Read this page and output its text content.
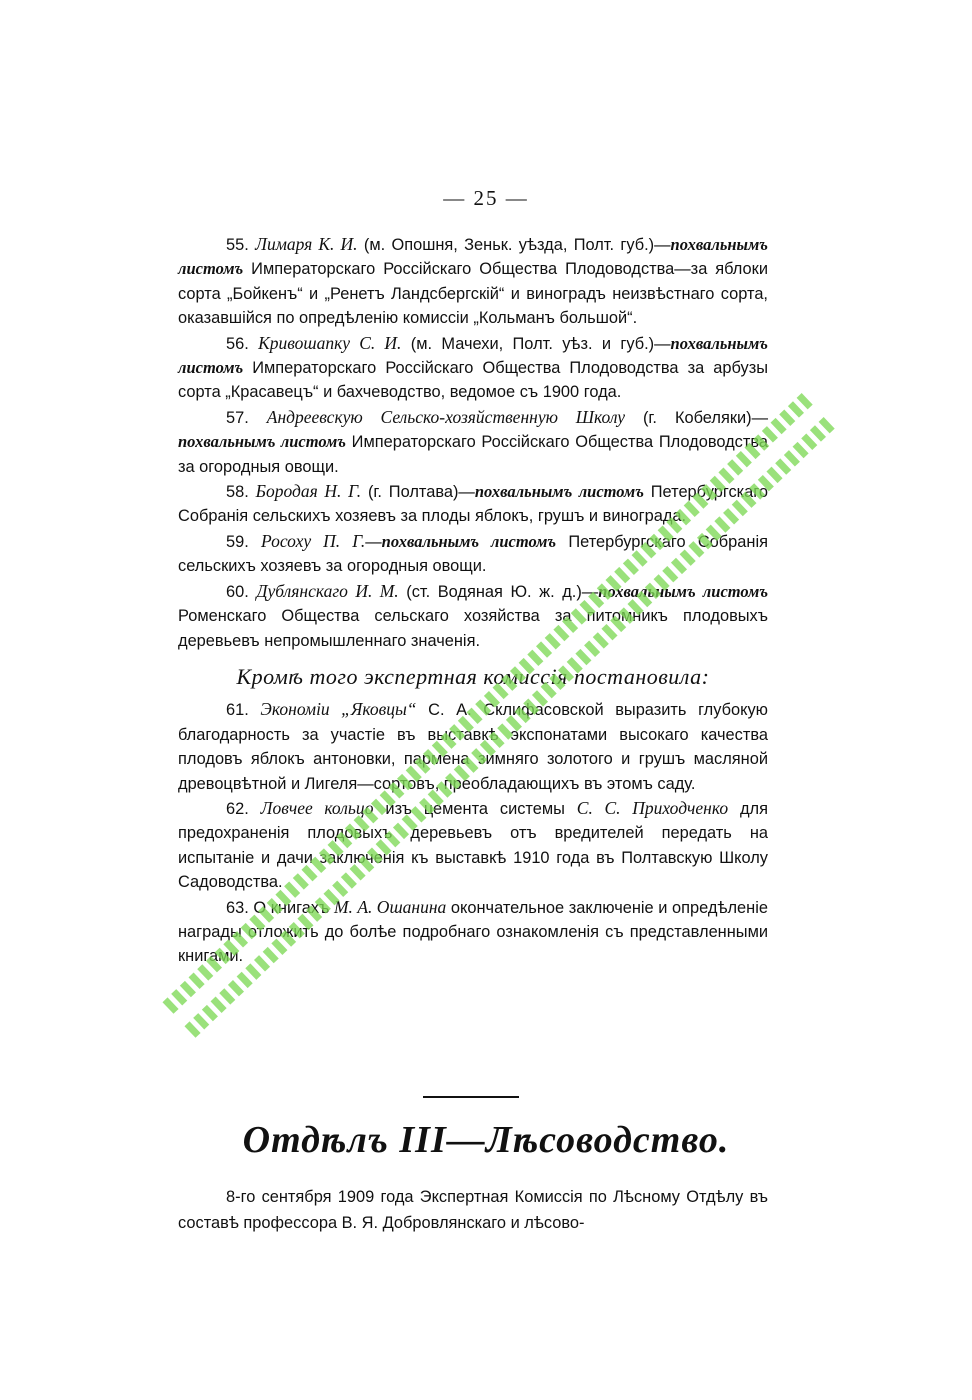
— 25 —

55. Лимаря К. И. (м. Опошня, Зеньк. уѣзда, Полт. губ.)—похвальнымъ листомъ Императорскаго Россійскаго Общества Плодоводства—за яблоки сорта „Бойкенъ“ и „Ренетъ Ландсбергскій“ и виноградъ неизвѣстнаго сорта, оказавшійся по опредѣленію комиссіи „Кольманъ большой“.

56. Кривошапку С. И. (м. Мачехи, Полт. уѣз. и губ.)—похвальнымъ листомъ Императорскаго Россійскаго Общества Плодоводства за арбузы сорта „Красавецъ“ и бахчеводство, ведомое съ 1900 года.

57. Андреевскую Сельско-хозяйственную Школу (г. Кобеляки)—похвальнымъ листомъ Императорскаго Россійскаго Общества Плодоводства за огородныя овощи.

58. Бородая Н. Г. (г. Полтава)—похвальнымъ листомъ Петербургскаго Собранія сельскихъ хозяевъ за плоды яблокъ, грушъ и винограда.

59. Росоху П. Г.—похвальнымъ листомъ Петербургскаго Собранія сельскихъ хозяевъ за огородныя овощи.

60. Дублянскаго И. М. (ст. Водяная Ю. ж. д.)—похвальнымъ листомъ Роменскаго Общества сельскаго хозяйства за питомникъ плодовыхъ деревьевъ непромышленнаго значенія.

Кромѣ того экспертная комиссія постановила:

61. Экономіи „Яковцы“ С. А. Склифасовской выразить глубокую благодарность за участіе въ выставкѣ экспонатами высокаго качества плодовъ яблокъ антоновки, пармена зимняго золотого и грушъ масляной древоцвѣтной и Лигеля—сортовъ, преобладающихъ въ этомъ саду.

62. Ловчее кольцо изъ цемента системы С. С. Приходченко для предохраненія плодовыхъ деревьевъ отъ вредителей передать на испытаніе и дачи заключенія къ выставкѣ 1910 года въ Полтавскую Школу Садоводства.

63. О книгахъ М. А. Ошанина окончательное заключеніе и опредѣленіе награды отложить до болѣе подробнаго ознакомленія съ представленными книгами.

Отдѣлъ III—Лѣсоводство.

8-го сентября 1909 года Экспертная Комиссія по Лѣсному Отдѣлу въ составѣ профессора В. Я. Добровлянскаго и лѣсово-
